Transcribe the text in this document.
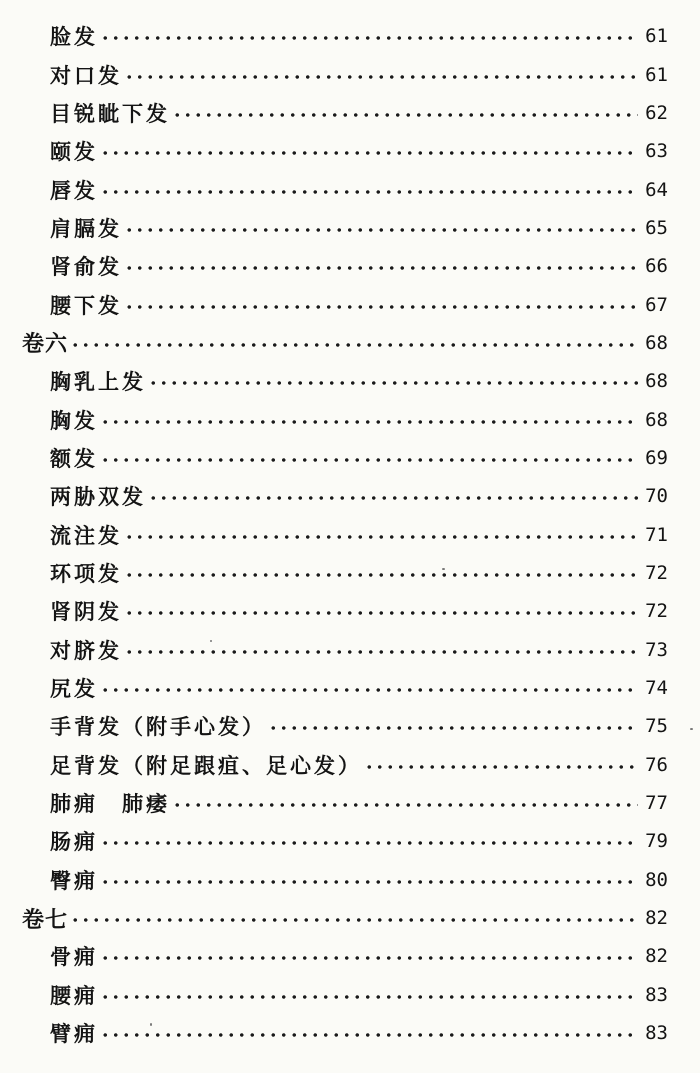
脸发	61
对口发	61
目锐眦下发	62
颐发	63
唇发	64
肩膈发	65
肾俞发	66
腰下发	67
卷六	68
胸乳上发	68
胸发	68
额发	69
两胁双发	70
流注发	71
环项发	72
肾阴发	72
对脐发	73
尻发	74
手背发（附手心发）	75
足背发（附足跟疽、足心发）	76
肺痈　肺痿	77
肠痈	79
臀痈	80
卷七	82
骨痈	82
腰痈	83
臂痈	83
